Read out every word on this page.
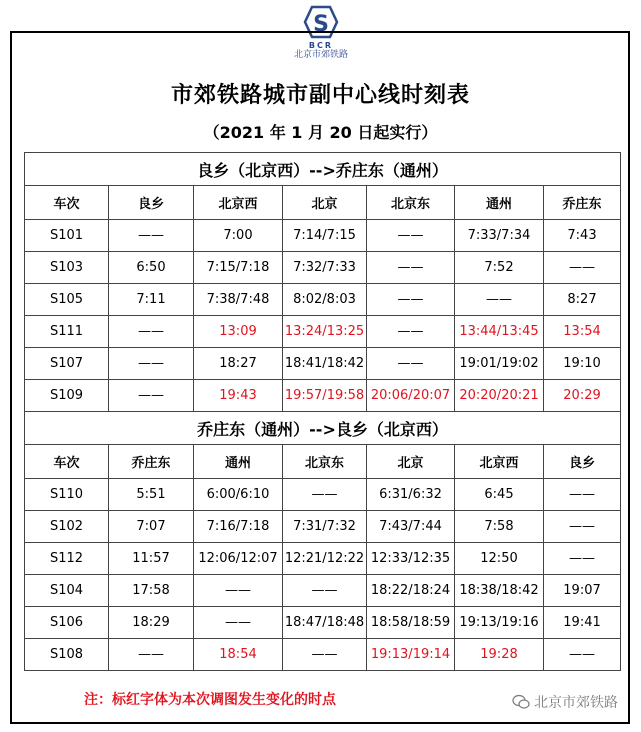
S
BCR
北京市郊铁路
市郊铁路城市副中心线时刻表
（2021 年 1 月 20 日起实行）
良乡（北京西）-->乔庄东（通州）						
车次	良乡	北京西	北京	北京东	通州	乔庄东
S101	——	7:00	7:14/7:15	——	7:33/7:34	7:43
S103	6:50	7:15/7:18	7:32/7:33	——	7:52	——
S105	7:11	7:38/7:48	8:02/8:03	——	——	8:27
S111	——	13:09	13:24/13:25	——	13:44/13:45	13:54
S107	——	18:27	18:41/18:42	——	19:01/19:02	19:10
S109	——	19:43	19:57/19:58	20:06/20:07	20:20/20:21	20:29
乔庄东（通州）-->良乡（北京西）						
车次	乔庄东	通州	北京东	北京	北京西	良乡
S110	5:51	6:00/6:10	——	6:31/6:32	6:45	——
S102	7:07	7:16/7:18	7:31/7:32	7:43/7:44	7:58	——
S112	11:57	12:06/12:07	12:21/12:22	12:33/12:35	12:50	——
S104	17:58	——	——	18:22/18:24	18:38/18:42	19:07
S106	18:29	——	18:47/18:48	18:58/18:59	19:13/19:16	19:41
S108	——	18:54	——	19:13/19:14	19:28	——
注：标红字体为本次调图发生变化的时点	北京市郊铁路
